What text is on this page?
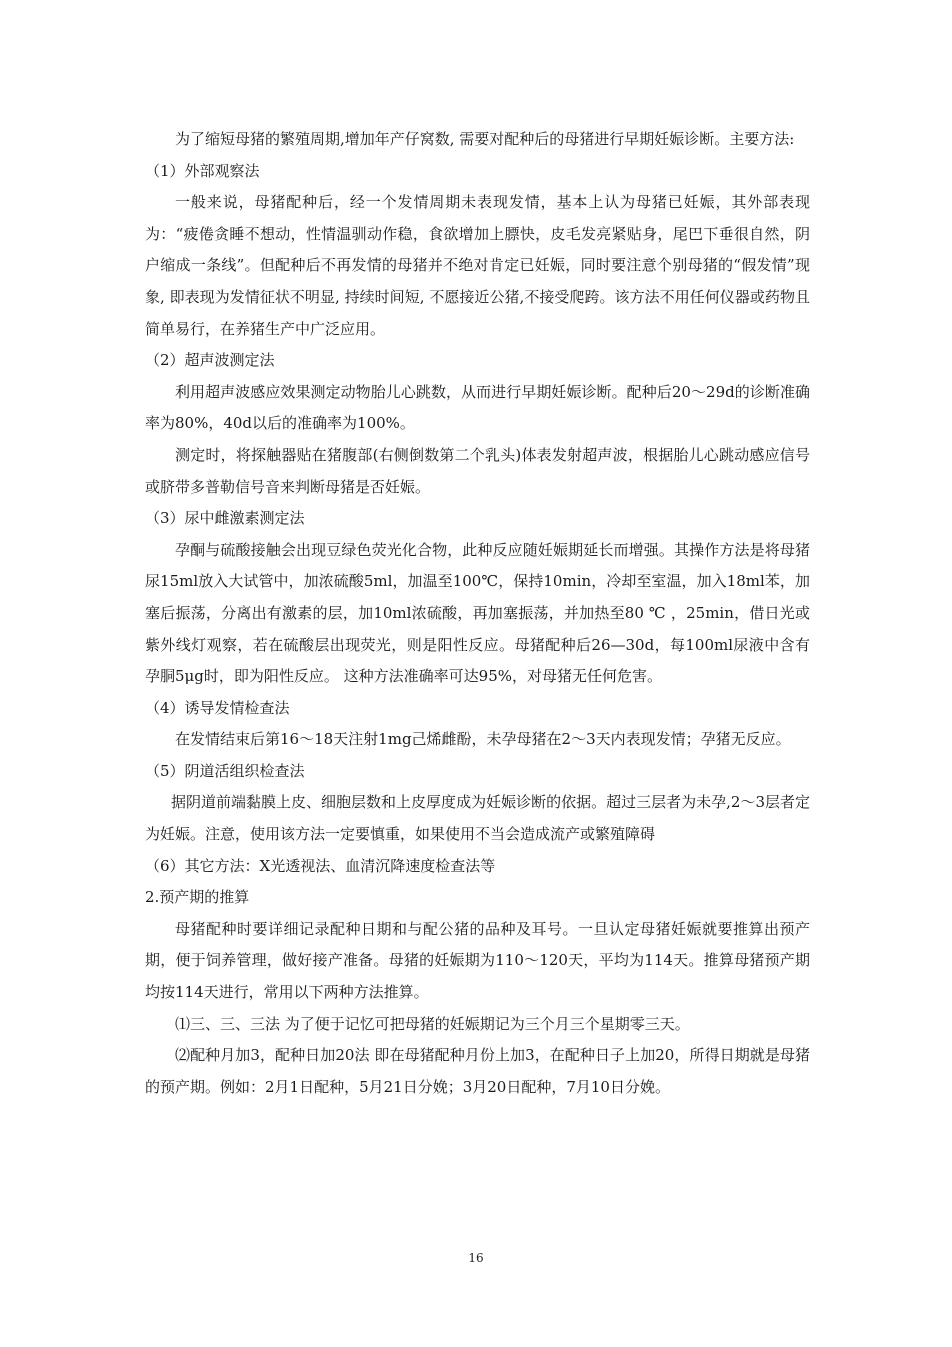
为了缩短母猪的繁殖周期,增加年产仔窝数, 需要对配种后的母猪进行早期妊娠诊断。主要方法:

（1）外部观察法

一般来说，母猪配种后，经一个发情周期未表现发情，基本上认为母猪已妊娠，其外部表现为：“疲倦贪睡不想动，性情温驯动作稳，食欲增加上膘快，皮毛发亮紧贴身，尾巴下垂很自然，阴户缩成一条线”。但配种后不再发情的母猪并不绝对肯定已妊娠，同时要注意个别母猪的“假发情”现象, 即表现为发情征状不明显, 持续时间短, 不愿接近公猪,不接受爬跨。该方法不用任何仪器或药物且简单易行，在养猪生产中广泛应用。

（2）超声波测定法

利用超声波感应效果测定动物胎儿心跳数，从而进行早期妊娠诊断。配种后20～29d的诊断准确率为80%，40d以后的准确率为100%。

测定时，将探触器贴在猪腹部(右侧倒数第二个乳头)体表发射超声波，根据胎儿心跳动感应信号或脐带多普勒信号音来判断母猪是否妊娠。

（3）尿中雌激素测定法

孕酮与硫酸接触会出现豆绿色荧光化合物，此种反应随妊娠期延长而增强。其操作方法是将母猪尿15ml放入大试管中，加浓硫酸5ml，加温至100℃，保持10min，冷却至室温，加入18ml苯，加塞后振荡，分离出有激素的层，加10ml浓硫酸，再加塞振荡，并加热至80 ℃ ，25min，借日光或紫外线灯观察，若在硫酸层出现荧光，则是阳性反应。母猪配种后26—30d，每100ml尿液中含有孕胴5μg时，即为阳性反应。 这种方法准确率可达95%，对母猪无任何危害。

（4）诱导发情检查法

在发情结束后第16～18天注射1mg己烯雌酚，未孕母猪在2～3天内表现发情；孕猪无反应。

（5）阴道活组织检查法

据阴道前端黏膜上皮、细胞层数和上皮厚度成为妊娠诊断的依据。超过三层者为未孕,2～3层者定为妊娠。注意，使用该方法一定要慎重，如果使用不当会造成流产或繁殖障碍

（6）其它方法：X光透视法、血清沉降速度检查法等

2.预产期的推算

母猪配种时要详细记录配种日期和与配公猪的品种及耳号。一旦认定母猪妊娠就要推算出预产期，便于饲养管理，做好接产准备。母猪的妊娠期为110～120天，平均为114天。推算母猪预产期均按114天进行，常用以下两种方法推算。

⑴三、三、三法 为了便于记忆可把母猪的妊娠期记为三个月三个星期零三天。

⑵配种月加3，配种日加20法 即在母猪配种月份上加3，在配种日子上加20，所得日期就是母猪的预产期。例如：2月1日配种，5月21日分娩；3月20日配种，7月10日分娩。

16
